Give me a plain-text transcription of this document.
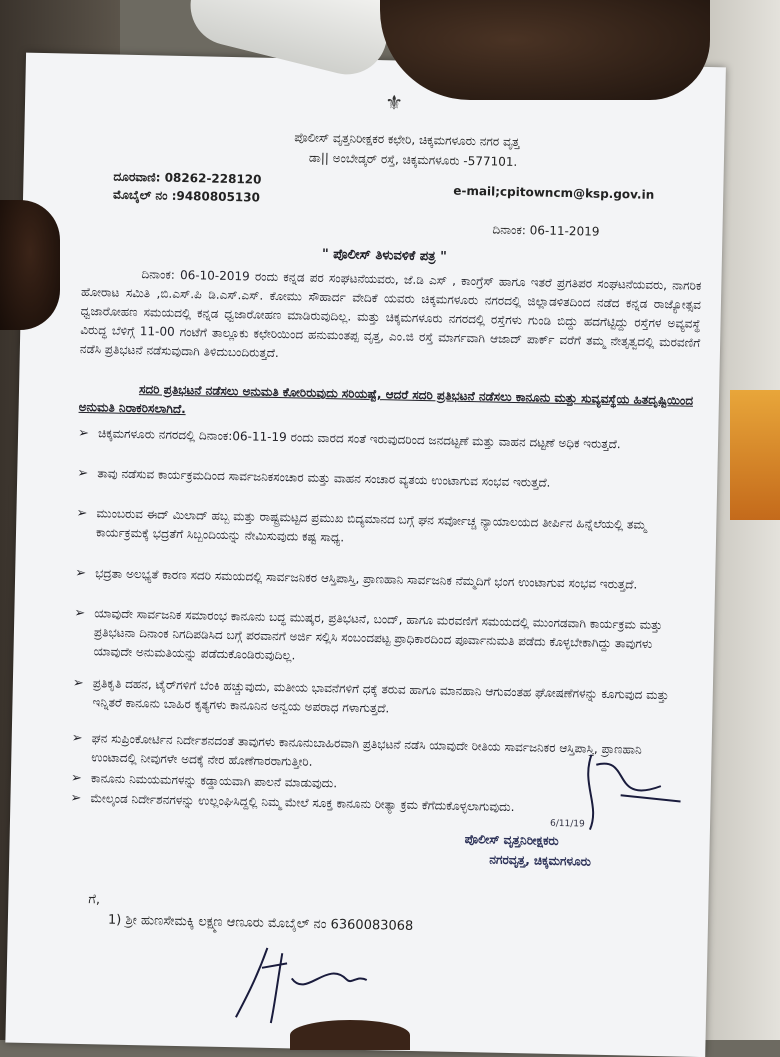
⚜
ಪೊಲೀಸ್ ವೃತ್ತನಿರೀಕ್ಷಕರ ಕಛೇರಿ, ಚಿಕ್ಕಮಗಳೂರು ನಗರ ವೃತ್ತ
ಡಾ|| ಅಂಬೇಡ್ಕರ್ ರಸ್ತೆ, ಚಿಕ್ಕಮಗಳೂರು -577101.
ದೂರವಾಣಿ: 08262-228120
ಮೊಬೈಲ್ ನಂ :9480805130	e-mail;cpitowncm@ksp.gov.in
ದಿನಾಂಕ: 06-11-2019
" ಪೊಲೀಸ್ ತಿಳುವಳಿಕೆ ಪತ್ರ "
ದಿನಾಂಕ: 06-10-2019 ರಂದು ಕನ್ನಡ ಪರ ಸಂಘಟನೆಯವರು, ಜೆ.ಡಿ ಎಸ್ , ಕಾಂಗ್ರೆಸ್ ಹಾಗೂ ಇತರೆ ಪ್ರಗತಿಪರ ಸಂಘಟನೆಯವರು, ನಾಗರಿಕ ಹೋರಾಟ ಸಮಿತಿ ,ಬಿ.ಎಸ್.ಪಿ ಡಿ.ಎಸ್.ಎಸ್. ಕೋಮು ಸೌಹಾರ್ದ ವೇದಿಕೆ ಯವರು ಚಿಕ್ಕಮಗಳೂರು ನಗರದಲ್ಲಿ ಜಿಲ್ಲಾಡಳಿತದಿಂದ ನಡೆದ ಕನ್ನಡ ರಾಜ್ಯೋತ್ಸವ ಧ್ವಜಾರೋಹಣ ಸಮಯದಲ್ಲಿ ಕನ್ನಡ ಧ್ವಜಾರೋಹಣ ಮಾಡಿರುವುದಿಲ್ಲ. ಮತ್ತು ಚಿಕ್ಕಮಗಳೂರು ನಗರದಲ್ಲಿ ರಸ್ತೆಗಳು ಗುಂಡಿ ಬಿದ್ದು ಹದಗೆಟ್ಟಿದ್ದು ರಸ್ತೆಗಳ ಅವ್ಯವಸ್ಥೆ ವಿರುದ್ಧ ಬೆಳಿಗ್ಗೆ 11-00 ಗಂಟೆಗೆ ತಾಲ್ಲೂಕು ಕಛೇರಿಯಿಂದ ಹನುಮಂತಪ್ಪ ವೃತ್ತ, ಎಂ.ಜಿ ರಸ್ತೆ ಮಾರ್ಗವಾಗಿ ಆಜಾದ್ ಪಾರ್ಕ್ ವರೆಗೆ ತಮ್ಮ ನೇತೃತ್ವದಲ್ಲಿ ಮರವಣಿಗೆ ನಡೆಸಿ ಪ್ರತಿಭಟನೆ ನಡೆಸುವುದಾಗಿ ತಿಳಿದುಬಂದಿರುತ್ತದೆ.
ಸದರಿ ಪ್ರತಿಭಟನೆ ನಡೆಸಲು ಅನುಮತಿ ಕೋರಿರುವುದು ಸರಿಯಷ್ಟೆ, ಆದರೆ ಸದರಿ ಪ್ರತಿಭಟನೆ ನಡೆಸಲು ಕಾನೂನು ಮತ್ತು ಸುವ್ಯವಸ್ಥೆಯ ಹಿತದೃಷ್ಟಿಯಿಂದ ಅನುಮತಿ ನಿರಾಕರಿಸಲಾಗಿದೆ.
➢ ಚಿಕ್ಕಮಗಳೂರು ನಗರದಲ್ಲಿ ದಿನಾಂಕ:06-11-19 ರಂದು ವಾರದ ಸಂತೆ ಇರುವುದರಿಂದ ಜನದಟ್ಟಣೆ ಮತ್ತು ವಾಹನ ದಟ್ಟಣೆ ಅಧಿಕ ಇರುತ್ತದೆ.
➢ ತಾವು ನಡೆಸುವ ಕಾರ್ಯಕ್ರಮದಿಂದ ಸಾರ್ವಜನಿಕಸಂಚಾರ ಮತ್ತು ವಾಹನ ಸಂಚಾರ ವ್ಯತಯ ಉಂಟಾಗುವ ಸಂಭವ ಇರುತ್ತದೆ.
➢ ಮುಂಬರುವ ಈದ್ ಮಿಲಾದ್ ಹಬ್ಬ ಮತ್ತು ರಾಷ್ಟ್ರಮಟ್ಟದ ಪ್ರಮುಖ ಬಿದ್ಯಮಾನದ ಬಗ್ಗೆ ಘನ ಸರ್ವೋಚ್ಚ ನ್ಯಾಯಾಲಯದ ತೀರ್ಪಿನ ಹಿನ್ನೆಲೆಯಲ್ಲಿ ತಮ್ಮ ಕಾರ್ಯಕ್ರಮಕ್ಕೆ ಭದ್ರತೆಗೆ ಸಿಬ್ಬಂದಿಯನ್ನು ನೇಮಿಸುವುದು ಕಷ್ಟ ಸಾಧ್ಯ.
➢ ಭದ್ರತಾ ಅಲಭ್ಯತೆ ಕಾರಣ ಸದರಿ ಸಮಯದಲ್ಲಿ ಸಾರ್ವಜನಿಕರ ಆಸ್ತಿಪಾಸ್ತಿ, ಪ್ರಾಣಹಾನಿ ಸಾರ್ವಜನಿಕ ನೆಮ್ಮದಿಗೆ ಭಂಗ ಉಂಟಾಗುವ ಸಂಭವ ಇರುತ್ತದೆ.
➢ ಯಾವುದೇ ಸಾರ್ವಜನಿಕ ಸಮಾರಂಭ ಕಾನೂನು ಬದ್ಧ ಮುಷ್ಕರ, ಪ್ರತಿಭಟನೆ, ಬಂದ್, ಹಾಗೂ ಮರವಣಿಗೆ ಸಮಯದಲ್ಲಿ ಮುಂಗಡವಾಗಿ ಕಾರ್ಯಕ್ರಮ ಮತ್ತು ಪ್ರತಿಭಟನಾ ದಿನಾಂಕ ನಿಗದಿಪಡಿಸಿದ ಬಗ್ಗೆ ಪರವಾನಗೆ ಅರ್ಜಿ ಸಲ್ಲಿಸಿ ಸಂಬಂದಪಟ್ಟ ಪ್ರಾಧಿಕಾರದಿಂದ ಪೂರ್ವಾನುಮತಿ ಪಡೆದು ಕೊಳ್ಳಬೇಕಾಗಿದ್ದು ತಾವುಗಳು ಯಾವುದೇ ಅನುಮತಿಯನ್ನು ಪಡೆದುಕೊಂಡಿರುವುದಿಲ್ಲ.
➢ ಪ್ರತಿಕೃತಿ ದಹನ, ಟೈರ್‌ಗಳಿಗೆ ಬೆಂಕಿ ಹಚ್ಚುವುದು, ಮತೀಯ ಭಾವನೆಗಳಿಗೆ ಧಕ್ಕೆ ತರುವ ಹಾಗೂ ಮಾನಹಾನಿ ಆಗುವಂತಹ ಘೋಷಣೆಗಳನ್ನು ಕೂಗುವುದ ಮತ್ತು ಇನ್ನಿತರೆ ಕಾನೂನು ಬಾಹಿರ ಕೃತ್ಯಗಳು ಕಾನೂನಿನ ಅನ್ವಯ ಅಪರಾಧ ಗಳಾಗುತ್ತದೆ.
➢ ಘನ ಸುಪ್ರಿಂಕೋರ್ಟಿನ ನಿರ್ದೇಶನದಂತೆ ತಾವುಗಳು ಕಾನೂನುಬಾಹಿರವಾಗಿ ಪ್ರತಿಭಟನೆ ನಡೆಸಿ ಯಾವುದೇ ರೀತಿಯ ಸಾರ್ವಜನಿಕರ ಆಸ್ತಿಪಾಸ್ತಿ, ಪ್ರಾಣಹಾನಿ ಉಂಟಾದಲ್ಲಿ ನೀವುಗಳೇ ಅದಕ್ಕೆ ನೇರ ಹೊಣೆಗಾರರಾಗುತ್ತೀರಿ.
➢ ಕಾನೂನು ನಿಮಯಮಗಳನ್ನು ಕಡ್ಡಾಯವಾಗಿ ಪಾಲನೆ ಮಾಡುವುದು.
➢ ಮೇಲ್ಕಂಡ ನಿರ್ದೇಶನಗಳನ್ನು ಉಲ್ಲಂಘಿಸಿದ್ದಲ್ಲಿ ನಿಮ್ಮ ಮೇಲೆ ಸೂಕ್ತ ಕಾನೂನು ರೀತ್ಯಾ ಕ್ರಮ ಕೆಗೆದುಕೊಳ್ಳಲಾಗುವುದು.
6/11/19
ಪೊಲೀಸ್ ವೃತ್ತನಿರೀಕ್ಷಕರು
ನಗರವೃತ್ತ, ಚಿಕ್ಕಮಗಳೂರು
ಗೆ,
1) ಶ್ರೀ ಹುಣಸೇಮಕ್ಕಿ ಲಕ್ಷ್ಮಣ ಆಣೂರು ಮೊಬೈಲ್ ನಂ 6360083068
